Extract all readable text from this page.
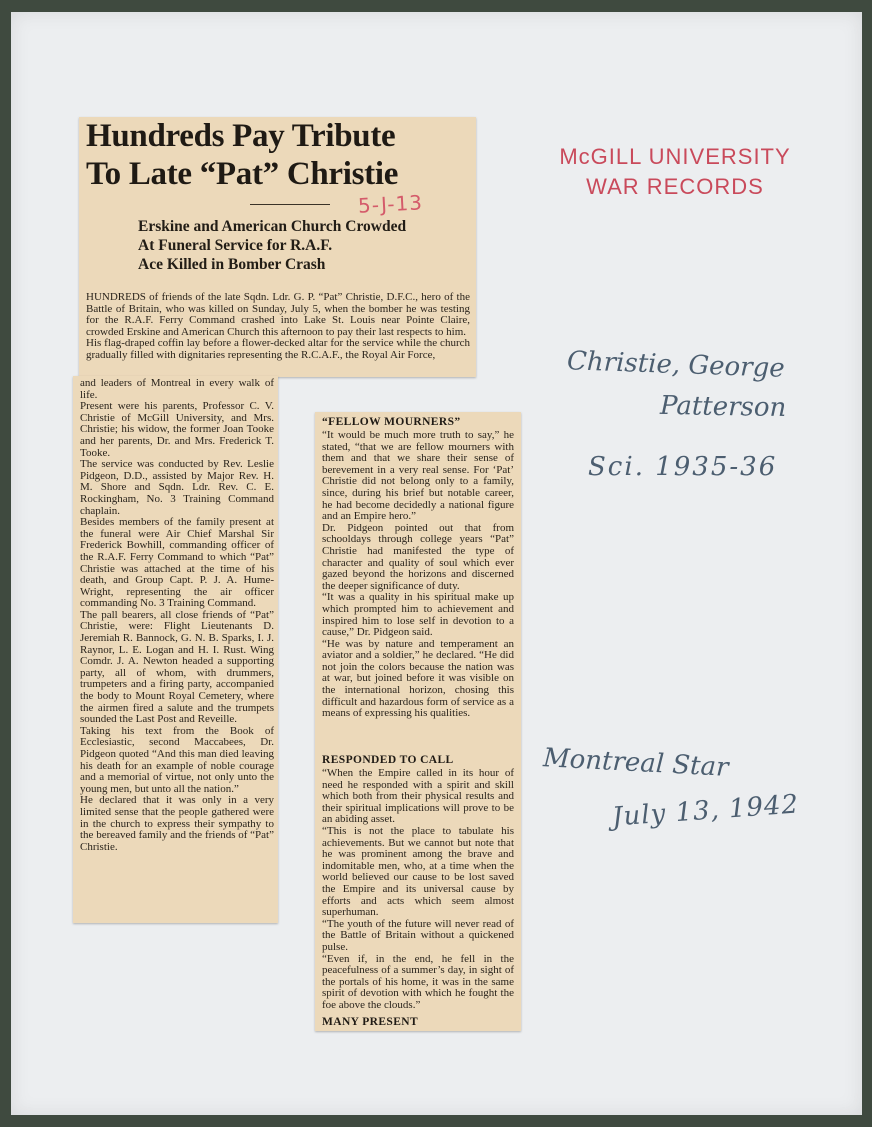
Hundreds Pay Tribute
To Late “Pat” Christie
5-J-13
Erskine and American Church Crowded
At Funeral Service for R.A.F.
Ace Killed in Bomber Crash
HUNDREDS of friends of the late Sqdn. Ldr. G. P. “Pat” Christie, D.F.C., hero of the Battle of Britain, who was killed on Sunday, July 5, when the bomber he was testing for the R.A.F. Ferry Command crashed into Lake St. Louis near Pointe Claire, crowded Erskine and American Church this afternoon to pay their last respects to him.
His flag-draped coffin lay before a flower-decked altar for the service while the church gradually filled with dignitaries representing the R.C.A.F., the Royal Air Force,
and leaders of Montreal in every walk of life.
Present were his parents, Professor C. V. Christie of McGill University, and Mrs. Christie; his widow, the former Joan Tooke and her parents, Dr. and Mrs. Frederick T. Tooke.
The service was conducted by Rev. Leslie Pidgeon, D.D., assisted by Major Rev. H. M. Shore and Sqdn. Ldr. Rev. C. E. Rockingham, No. 3 Training Command chaplain.
Besides members of the family present at the funeral were Air Chief Marshal Sir Frederick Bowhill, commanding officer of the R.A.F. Ferry Command to which “Pat” Christie was attached at the time of his death, and Group Capt. P. J. A. Hume-Wright, representing the air officer commanding No. 3 Training Command.
The pall bearers, all close friends of “Pat” Christie, were: Flight Lieutenants D. Jeremiah R. Bannock, G. N. B. Sparks, I. J. Raynor, L. E. Logan and H. I. Rust. Wing Comdr. J. A. Newton headed a supporting party, all of whom, with drummers, trumpeters and a firing party, accompanied the body to Mount Royal Cemetery, where the airmen fired a salute and the trumpets sounded the Last Post and Reveille.
Taking his text from the Book of Ecclesiastic, second Maccabees, Dr. Pidgeon quoted “And this man died leaving his death for an example of noble courage and a memorial of virtue, not only unto the young men, but unto all the nation.”
He declared that it was only in a very limited sense that the people gathered were in the church to express their sympathy to the bereaved family and the friends of “Pat” Christie.
“FELLOW MOURNERS”
“It would be much more truth to say,” he stated, “that we are fellow mourners with them and that we share their sense of berevement in a very real sense. For ‘Pat’ Christie did not belong only to a family, since, during his brief but notable career, he had become decidedly a national figure and an Empire hero.”
Dr. Pidgeon pointed out that from schooldays through college years “Pat” Christie had manifested the type of character and quality of soul which ever gazed beyond the horizons and discerned the deeper significance of duty.
“It was a quality in his spiritual make up which prompted him to achievement and inspired him to lose self in devotion to a cause,” Dr. Pidgeon said.
“He was by nature and temperament an aviator and a soldier,” he declared. “He did not join the colors because the nation was at war, but joined before it was visible on the international horizon, chosing this difficult and hazardous form of service as a means of expressing his qualities.
RESPONDED TO CALL
“When the Empire called in its hour of need he responded with a spirit and skill which both from their physical results and their spiritual implications will prove to be an abiding asset.
“This is not the place to tabulate his achievements. But we cannot but note that he was prominent among the brave and indomitable men, who, at a time when the world believed our cause to be lost saved the Empire and its universal cause by efforts and acts which seem almost superhuman.
“The youth of the future will never read of the Battle of Britain without a quickened pulse.
“Even if, in the end, he fell in the peacefulness of a summer’s day, in sight of the portals of his home, it was in the same spirit of devotion with which he fought the foe above the clouds.”
MANY PRESENT
McGILL UNIVERSITY
WAR RECORDS
Christie, George
Patterson
Sci. 1935-36
Montreal Star
July 13, 1942
